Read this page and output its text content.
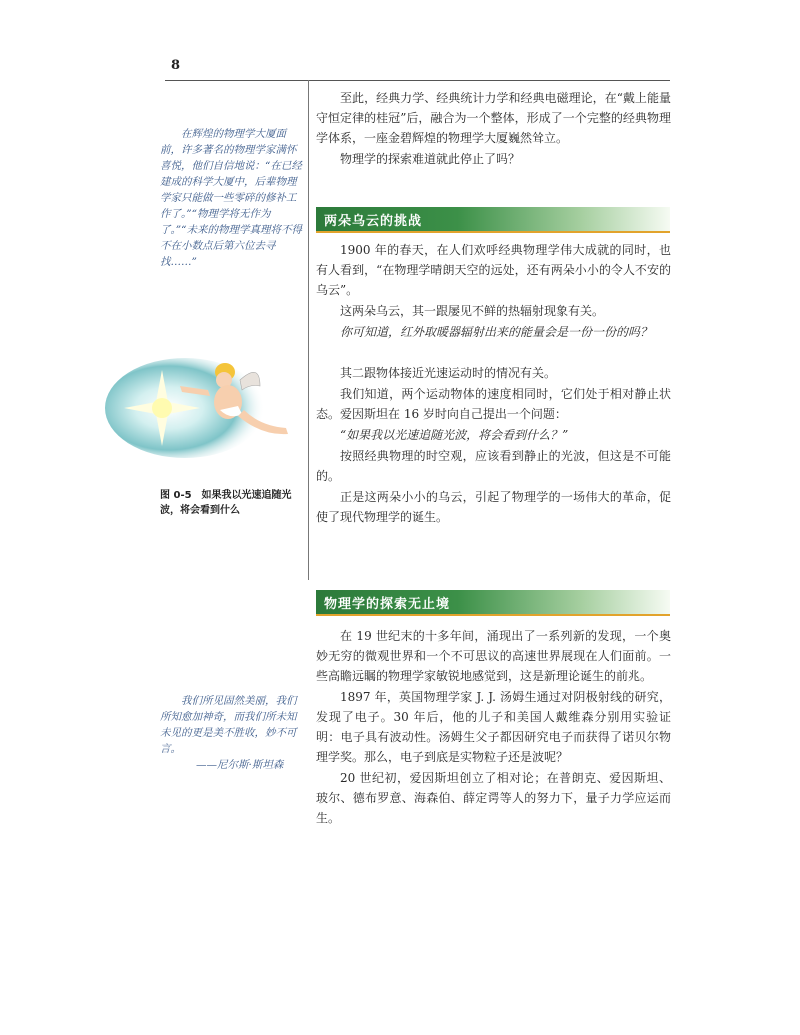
8
在辉煌的物理学大厦面前，许多著名的物理学家满怀喜悦，他们自信地说：“在已经建成的科学大厦中，后辈物理学家只能做一些零碎的修补工作了。”“物理学将无作为了。”“未来的物理学真理将不得不在小数点后第六位去寻找……”
图 0-5　如果我以光速追随光波，将会看到什么
我们所见固然美丽，我们所知愈加神奇，而我们所未知未见的更是美不胜收，妙不可言。
——尼尔斯·斯坦森

至此，经典力学、经典统计力学和经典电磁理论，在“戴上能量守恒定律的桂冠”后，融合为一个整体，形成了一个完整的经典物理学体系，一座金碧辉煌的物理学大厦巍然耸立。

物理学的探索难道就此停止了吗？

两朵乌云的挑战

1900 年的春天，在人们欢呼经典物理学伟大成就的同时，也有人看到，“在物理学晴朗天空的远处，还有两朵小小的令人不安的乌云”。

这两朵乌云，其一跟屡见不鲜的热辐射现象有关。

你可知道，红外取暖器辐射出来的能量会是一份一份的吗？

其二跟物体接近光速运动时的情况有关。

我们知道，两个运动物体的速度相同时，它们处于相对静止状态。爱因斯坦在 16 岁时向自己提出一个问题：

“如果我以光速追随光波，将会看到什么？”

按照经典物理的时空观，应该看到静止的光波，但这是不可能的。

正是这两朵小小的乌云，引起了物理学的一场伟大的革命，促使了现代物理学的诞生。

物理学的探索无止境

在 19 世纪末的十多年间，涌现出了一系列新的发现，一个奥妙无穷的微观世界和一个不可思议的高速世界展现在人们面前。一些高瞻远瞩的物理学家敏锐地感觉到，这是新理论诞生的前兆。

1897 年，英国物理学家 J. J. 汤姆生通过对阴极射线的研究，发现了电子。30 年后，他的儿子和美国人戴维森分别用实验证明：电子具有波动性。汤姆生父子都因研究电子而获得了诺贝尔物理学奖。那么，电子到底是实物粒子还是波呢？

20 世纪初，爱因斯坦创立了相对论；在普朗克、爱因斯坦、玻尔、德布罗意、海森伯、薛定谔等人的努力下，量子力学应运而生。
